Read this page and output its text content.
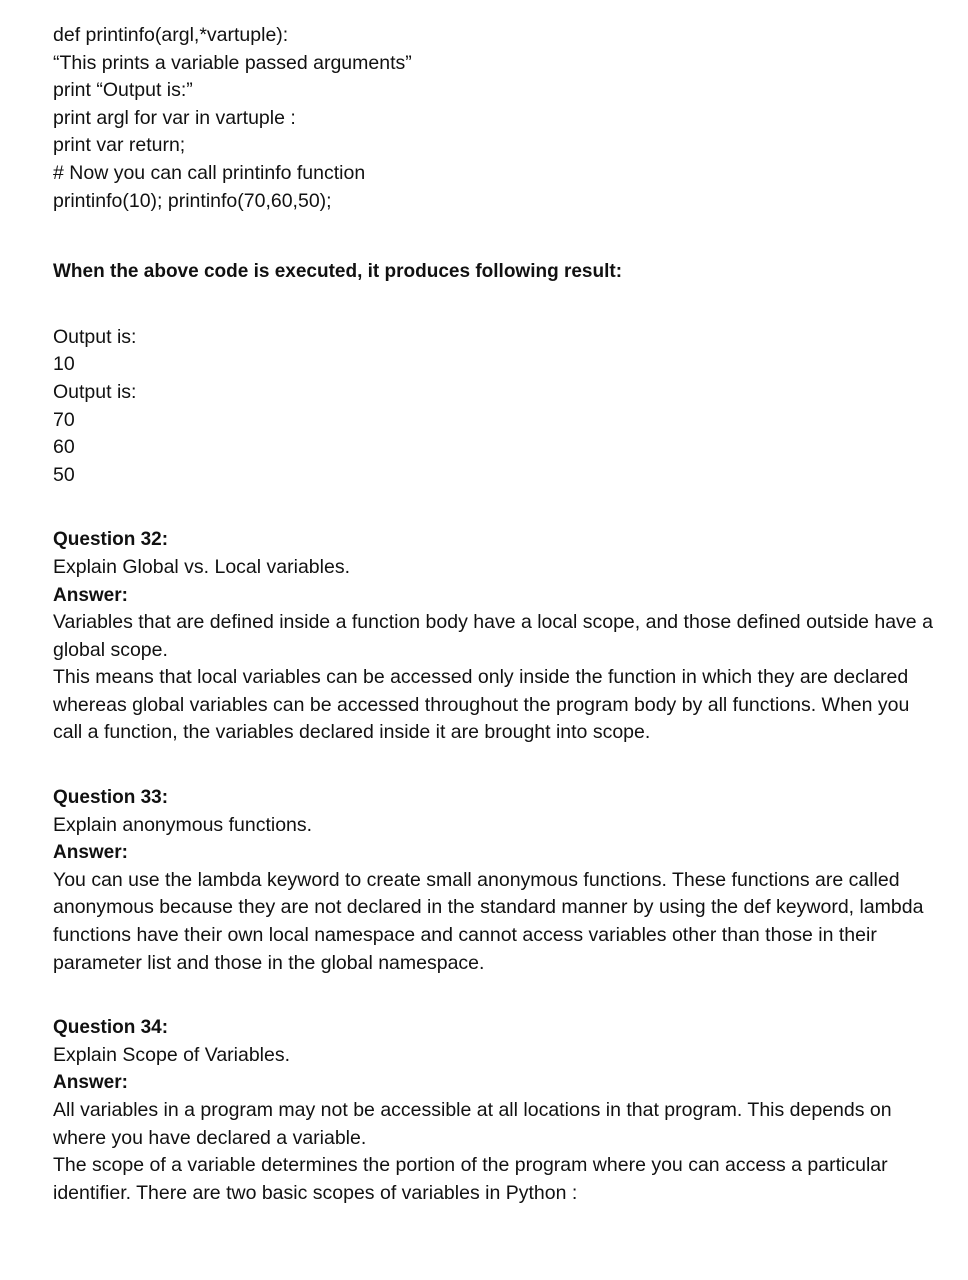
def printinfo(argl,*vartuple):
“This prints a variable passed arguments”
print “Output is:”
print argl for var in vartuple :
print var return;
# Now you can call printinfo function
printinfo(10); printinfo(70,60,50);
When the above code is executed, it produces following result:
Output is:
10
Output is:
70
60
50
Question 32:
Explain Global vs. Local variables.
Answer:
Variables that are defined inside a function body have a local scope, and those defined outside have a global scope.
This means that local variables can be accessed only inside the function in which they are declared whereas global variables can be accessed throughout the program body by all functions. When you call a function, the variables declared inside it are brought into scope.
Question 33:
Explain anonymous functions.
Answer:
You can use the lambda keyword to create small anonymous functions. These functions are called anonymous because they are not declared in the standard manner by using the def keyword, lambda functions have their own local namespace and cannot access variables other than those in their parameter list and those in the global namespace.
Question 34:
Explain Scope of Variables.
Answer:
All variables in a program may not be accessible at all locations in that program. This depends on where you have declared a variable.
The scope of a variable determines the portion of the program where you can access a particular identifier. There are two basic scopes of variables in Python :
